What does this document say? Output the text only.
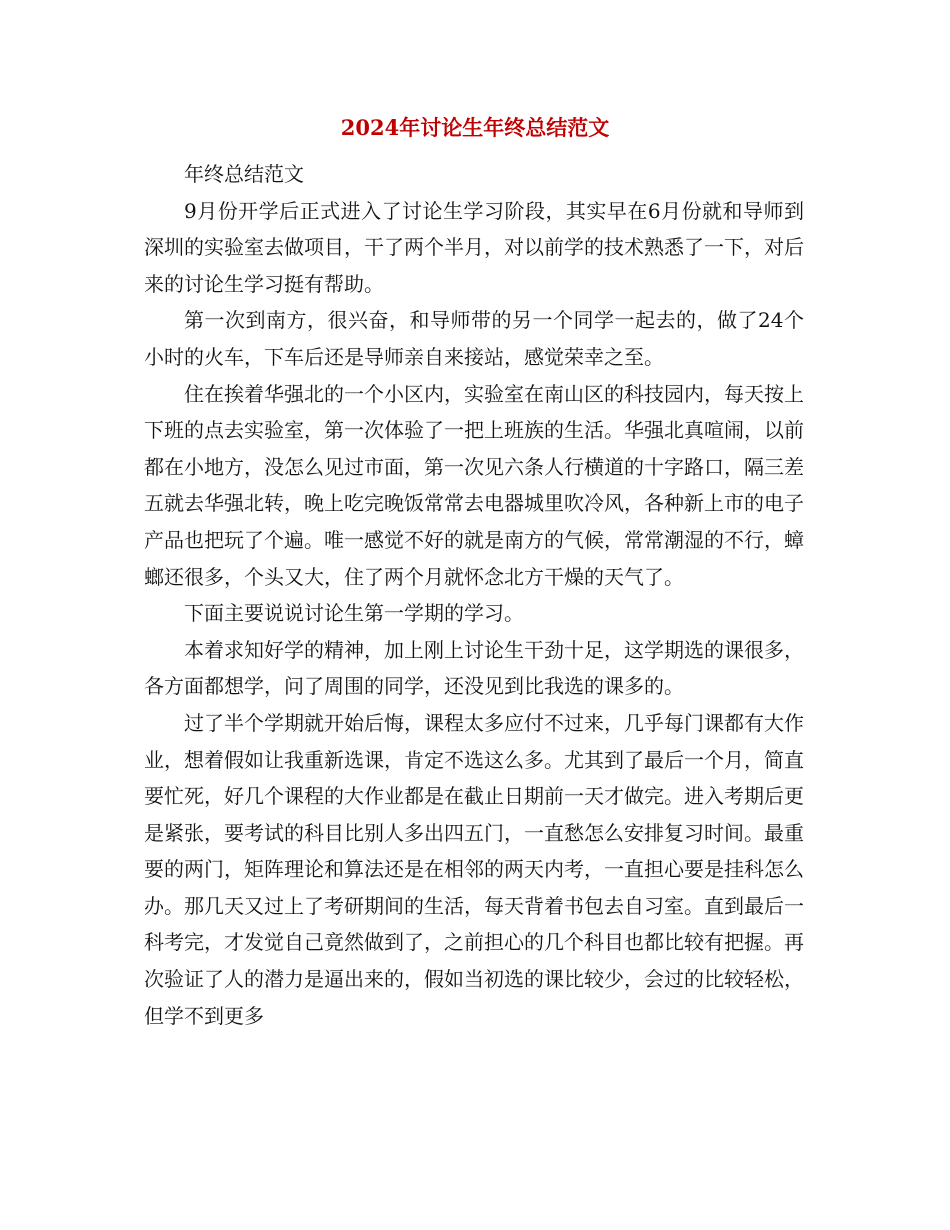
2024年讨论生年终总结范文

年终总结范文

9月份开学后正式进入了讨论生学习阶段，其实早在6月份就和导师到深圳的实验室去做项目，干了两个半月，对以前学的技术熟悉了一下，对后来的讨论生学习挺有帮助。

第一次到南方，很兴奋，和导师带的另一个同学一起去的，做了24个小时的火车，下车后还是导师亲自来接站，感觉荣幸之至。

住在挨着华强北的一个小区内，实验室在南山区的科技园内，每天按上下班的点去实验室，第一次体验了一把上班族的生活。华强北真喧闹，以前都在小地方，没怎么见过市面，第一次见六条人行横道的十字路口，隔三差五就去华强北转，晚上吃完晚饭常常去电器城里吹冷风，各种新上市的电子产品也把玩了个遍。唯一感觉不好的就是南方的气候，常常潮湿的不行，蟑螂还很多，个头又大，住了两个月就怀念北方干燥的天气了。

下面主要说说讨论生第一学期的学习。

本着求知好学的精神，加上刚上讨论生干劲十足，这学期选的课很多，各方面都想学，问了周围的同学，还没见到比我选的课多的。

过了半个学期就开始后悔，课程太多应付不过来，几乎每门课都有大作业，想着假如让我重新选课，肯定不选这么多。尤其到了最后一个月，简直要忙死，好几个课程的大作业都是在截止日期前一天才做完。进入考期后更是紧张，要考试的科目比别人多出四五门，一直愁怎么安排复习时间。最重要的两门，矩阵理论和算法还是在相邻的两天内考，一直担心要是挂科怎么办。那几天又过上了考研期间的生活，每天背着书包去自习室。直到最后一科考完，才发觉自己竟然做到了，之前担心的几个科目也都比较有把握。再次验证了人的潜力是逼出来的，假如当初选的课比较少，会过的比较轻松，但学不到更多
